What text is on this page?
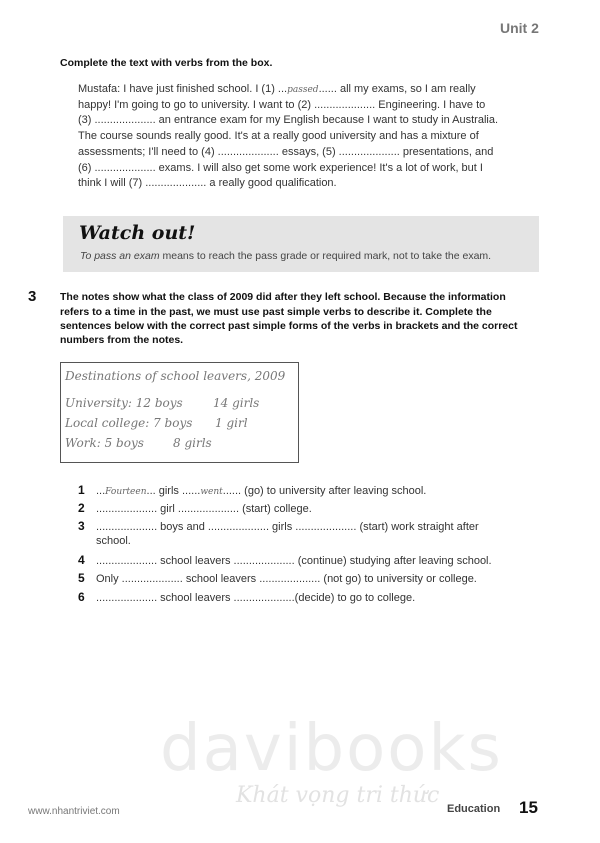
Unit 2
Complete the text with verbs from the box.
Mustafa: I have just finished school. I (1) ...passed...... all my exams, so I am really
happy! I'm going to go to university. I want to (2) .................... Engineering. I have to
(3) .................... an entrance exam for my English because I want to study in Australia.
The course sounds really good. It's at a really good university and has a mixture of
assessments; I'll need to (4) .................... essays, (5) .................... presentations, and
(6) .................... exams. I will also get some work experience! It's a lot of work, but I
think I will (7) .................... a really good qualification.
Watch out!
To pass an exam means to reach the pass grade or required mark, not to take the exam.
3 The notes show what the class of 2009 did after they left school. Because the information
refers to a time in the past, we must use past simple verbs to describe it. Complete the
sentences below with the correct past simple forms of the verbs in brackets and the correct
numbers from the notes.
Destinations of school leavers, 2009
University: 12 boys	14 girls
Local college: 7 boys 1 girl
Work: 5 boys 8 girls
1 ...Fourteen... girls ......went...... (go) to university after leaving school.
2 .................... girl .................... (start) college.
3 .................... boys and .................... girls .................... (start) work straight after
school.
4 .................... school leavers .................... (continue) studying after leaving school.
5 Only .................... school leavers .................... (not go) to university or college.
6 .................... school leavers ....................(decide) to go to college.
davibooks
Khát vọng tri thức
www.nhantriviet.com	Education 15
